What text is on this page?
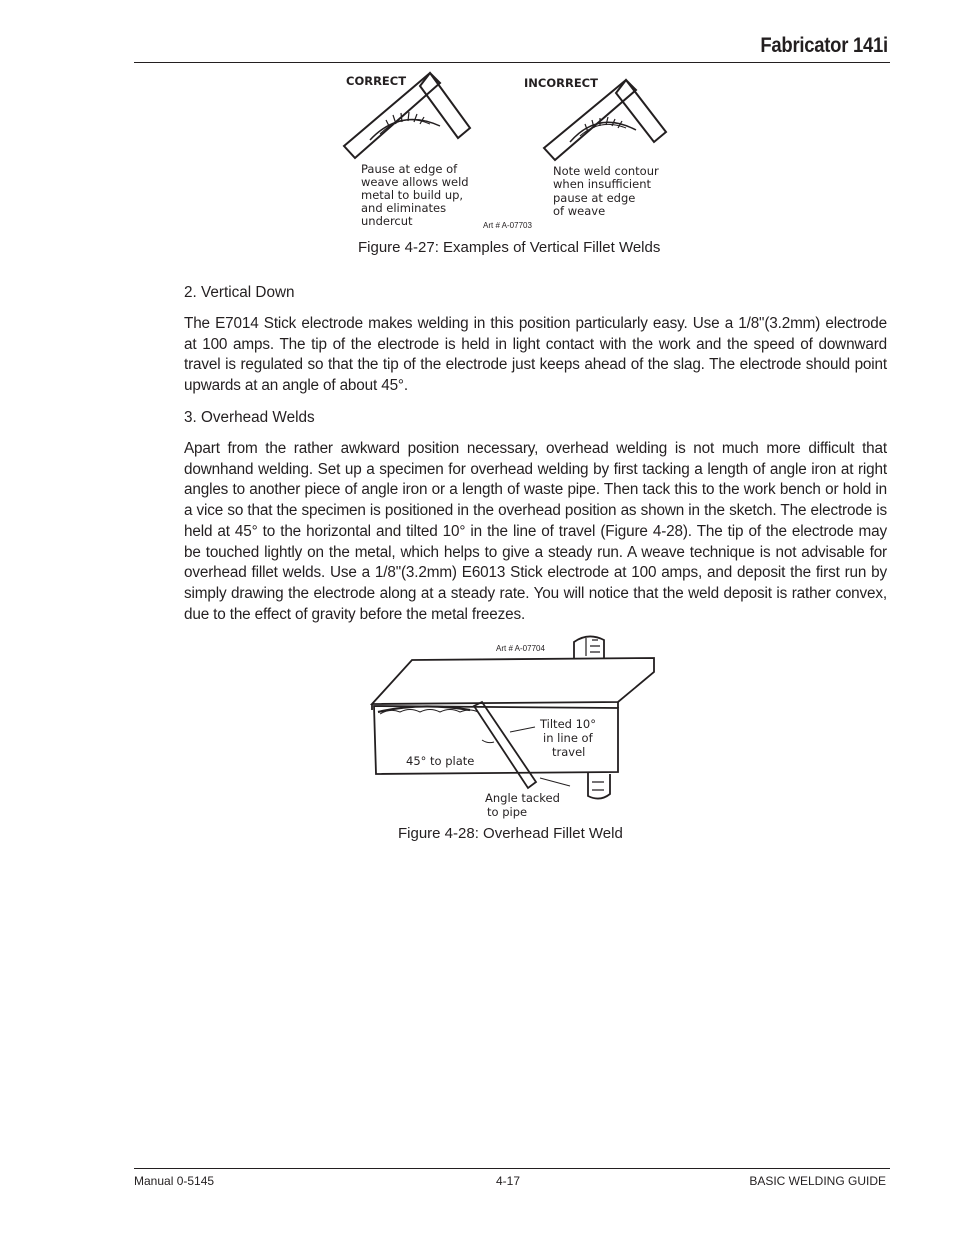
Fabricator 141i
CORRECT
Pause at edge of
weave allows weld
metal to build up,
and eliminates
undercut
INCORRECT
Note weld contour
when insufficient
pause at edge
of weave
Art # A-07703
Figure 4-27: Examples of Vertical Fillet Welds
2. Vertical Down
The E7014 Stick electrode makes welding in this position particularly easy. Use a 1/8"(3.2mm) electrode at 100 amps. The tip of the electrode is held in light contact with the work and the speed of downward travel is regulated so that the tip of the electrode just keeps ahead of the slag. The electrode should point upwards at an angle of about 45°.
3. Overhead Welds
Apart from the rather awkward position necessary, overhead welding is not much more difficult that downhand welding. Set up a specimen for overhead welding by first tacking a length of angle iron at right angles to another piece of angle iron or a length of waste pipe. Then tack this to the work bench or hold in a vice so that the specimen is positioned in the overhead position as shown in the sketch. The electrode is held at 45° to the horizontal and tilted 10° in the line of travel (Figure 4-28). The tip of the electrode may be touched lightly on the metal, which helps to give a steady run. A weave technique is not advisable for overhead fillet welds. Use a 1/8"(3.2mm) E6013 Stick electrode at 100 amps, and deposit the first run by simply drawing the electrode along at a steady rate. You will notice that the weld deposit is rather convex, due to the effect of gravity before the metal freezes.
Art # A-07704
Tilted 10°
in line of
travel
45° to plate
Angle tacked
to pipe
Figure 4-28: Overhead Fillet Weld
Manual 0-5145	4-17	BASIC WELDING GUIDE
